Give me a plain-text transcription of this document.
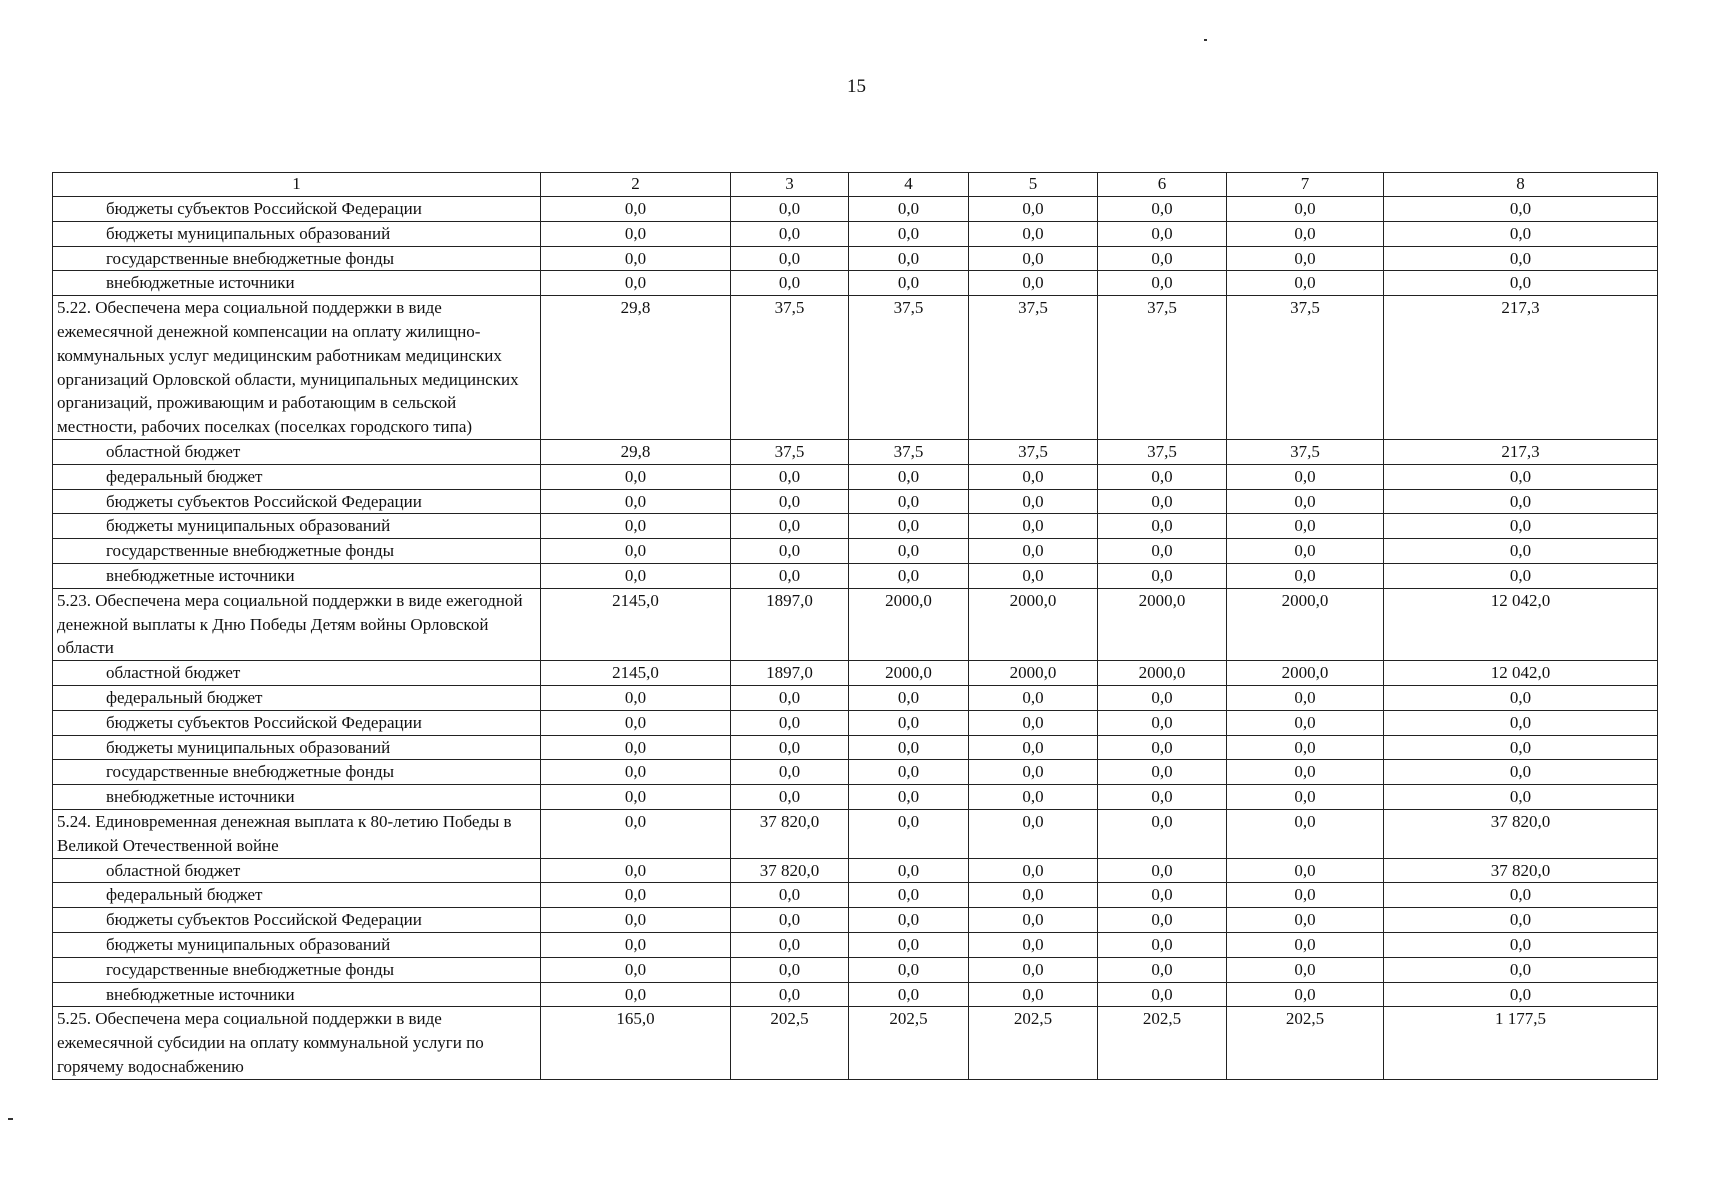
15
1	2	3	4	5	6	7	8
бюджеты субъектов Российской Федерации	0,0	0,0	0,0	0,0	0,0	0,0	0,0
бюджеты муниципальных образований	0,0	0,0	0,0	0,0	0,0	0,0	0,0
государственные внебюджетные фонды	0,0	0,0	0,0	0,0	0,0	0,0	0,0
внебюджетные источники	0,0	0,0	0,0	0,0	0,0	0,0	0,0
5.22. Обеспечена мера социальной поддержки в виде ежемесячной денежной компенсации на оплату жилищно-коммунальных услуг медицинским работникам медицинских организаций Орловской области, муниципальных медицинских организаций, проживающим и работающим в сельской местности, рабочих поселках (поселках городского типа)	29,8	37,5	37,5	37,5	37,5	37,5	217,3
областной бюджет	29,8	37,5	37,5	37,5	37,5	37,5	217,3
федеральный бюджет	0,0	0,0	0,0	0,0	0,0	0,0	0,0
бюджеты субъектов Российской Федерации	0,0	0,0	0,0	0,0	0,0	0,0	0,0
бюджеты муниципальных образований	0,0	0,0	0,0	0,0	0,0	0,0	0,0
государственные внебюджетные фонды	0,0	0,0	0,0	0,0	0,0	0,0	0,0
внебюджетные источники	0,0	0,0	0,0	0,0	0,0	0,0	0,0
5.23. Обеспечена мера социальной поддержки в виде ежегодной денежной выплаты к Дню Победы Детям войны Орловской области	2145,0	1897,0	2000,0	2000,0	2000,0	2000,0	12 042,0
областной бюджет	2145,0	1897,0	2000,0	2000,0	2000,0	2000,0	12 042,0
федеральный бюджет	0,0	0,0	0,0	0,0	0,0	0,0	0,0
бюджеты субъектов Российской Федерации	0,0	0,0	0,0	0,0	0,0	0,0	0,0
бюджеты муниципальных образований	0,0	0,0	0,0	0,0	0,0	0,0	0,0
государственные внебюджетные фонды	0,0	0,0	0,0	0,0	0,0	0,0	0,0
внебюджетные источники	0,0	0,0	0,0	0,0	0,0	0,0	0,0
5.24. Единовременная денежная выплата к 80-летию Победы в Великой Отечественной войне	0,0	37 820,0	0,0	0,0	0,0	0,0	37 820,0
областной бюджет	0,0	37 820,0	0,0	0,0	0,0	0,0	37 820,0
федеральный бюджет	0,0	0,0	0,0	0,0	0,0	0,0	0,0
бюджеты субъектов Российской Федерации	0,0	0,0	0,0	0,0	0,0	0,0	0,0
бюджеты муниципальных образований	0,0	0,0	0,0	0,0	0,0	0,0	0,0
государственные внебюджетные фонды	0,0	0,0	0,0	0,0	0,0	0,0	0,0
внебюджетные источники	0,0	0,0	0,0	0,0	0,0	0,0	0,0
5.25. Обеспечена мера социальной поддержки в виде ежемесячной субсидии на оплату коммунальной услуги по горячему водоснабжению	165,0	202,5	202,5	202,5	202,5	202,5	1 177,5
